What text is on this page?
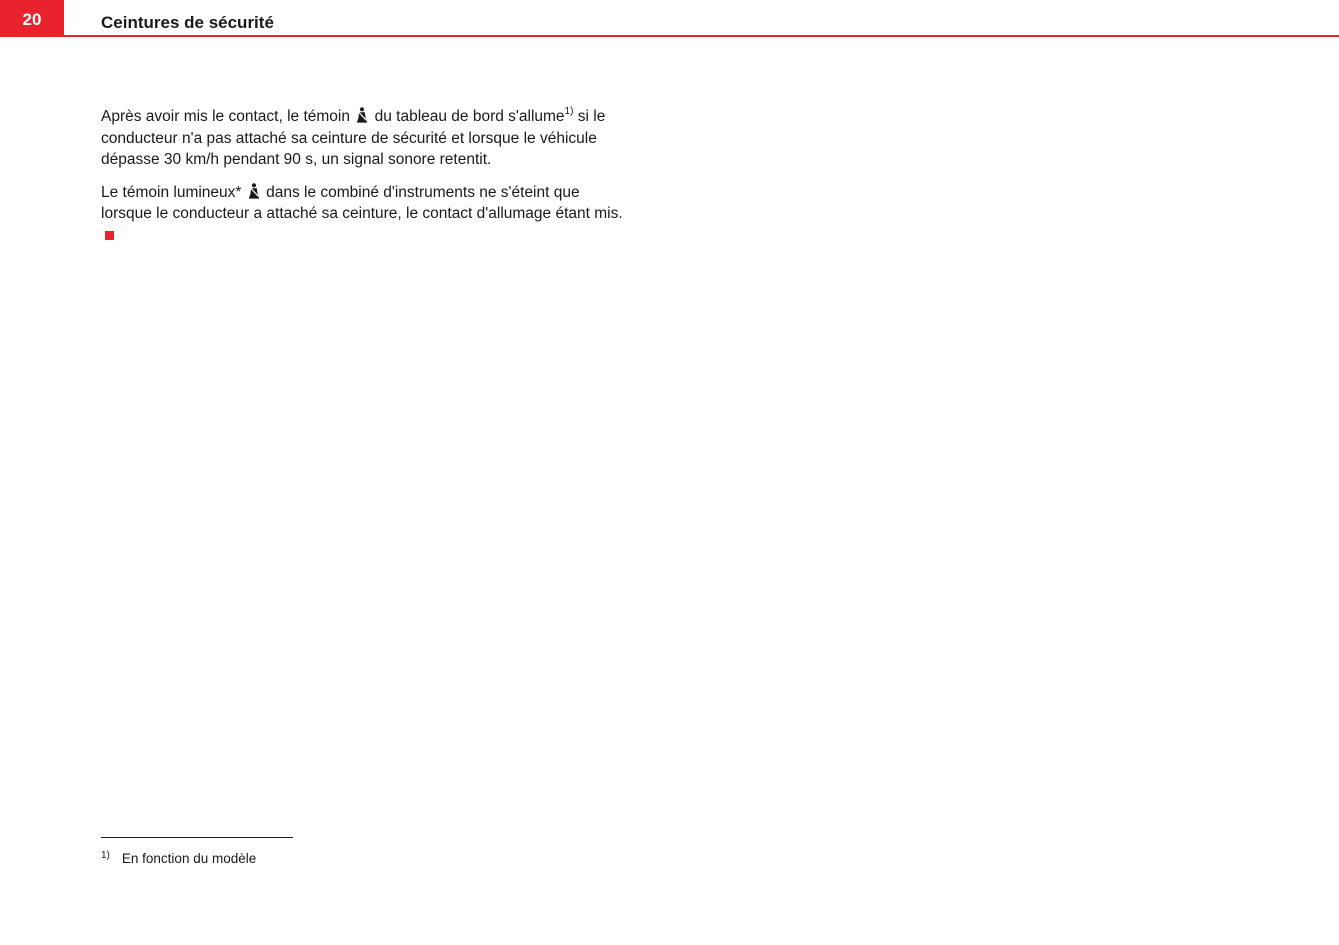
20	Ceintures de sécurité

Après avoir mis le contact, le témoin du tableau de bord s'allume$^{1)}$ si le conducteur n'a pas attaché sa ceinture de sécurité et lorsque le véhicule dépasse 30 km/h pendant 90 s, un signal sonore retentit.

Le témoin lumineux* dans le combiné d'instruments ne s'éteint que lorsque le conducteur a attaché sa ceinture, le contact d'allumage étant mis.

$^{1)}$ En fonction du modèle
